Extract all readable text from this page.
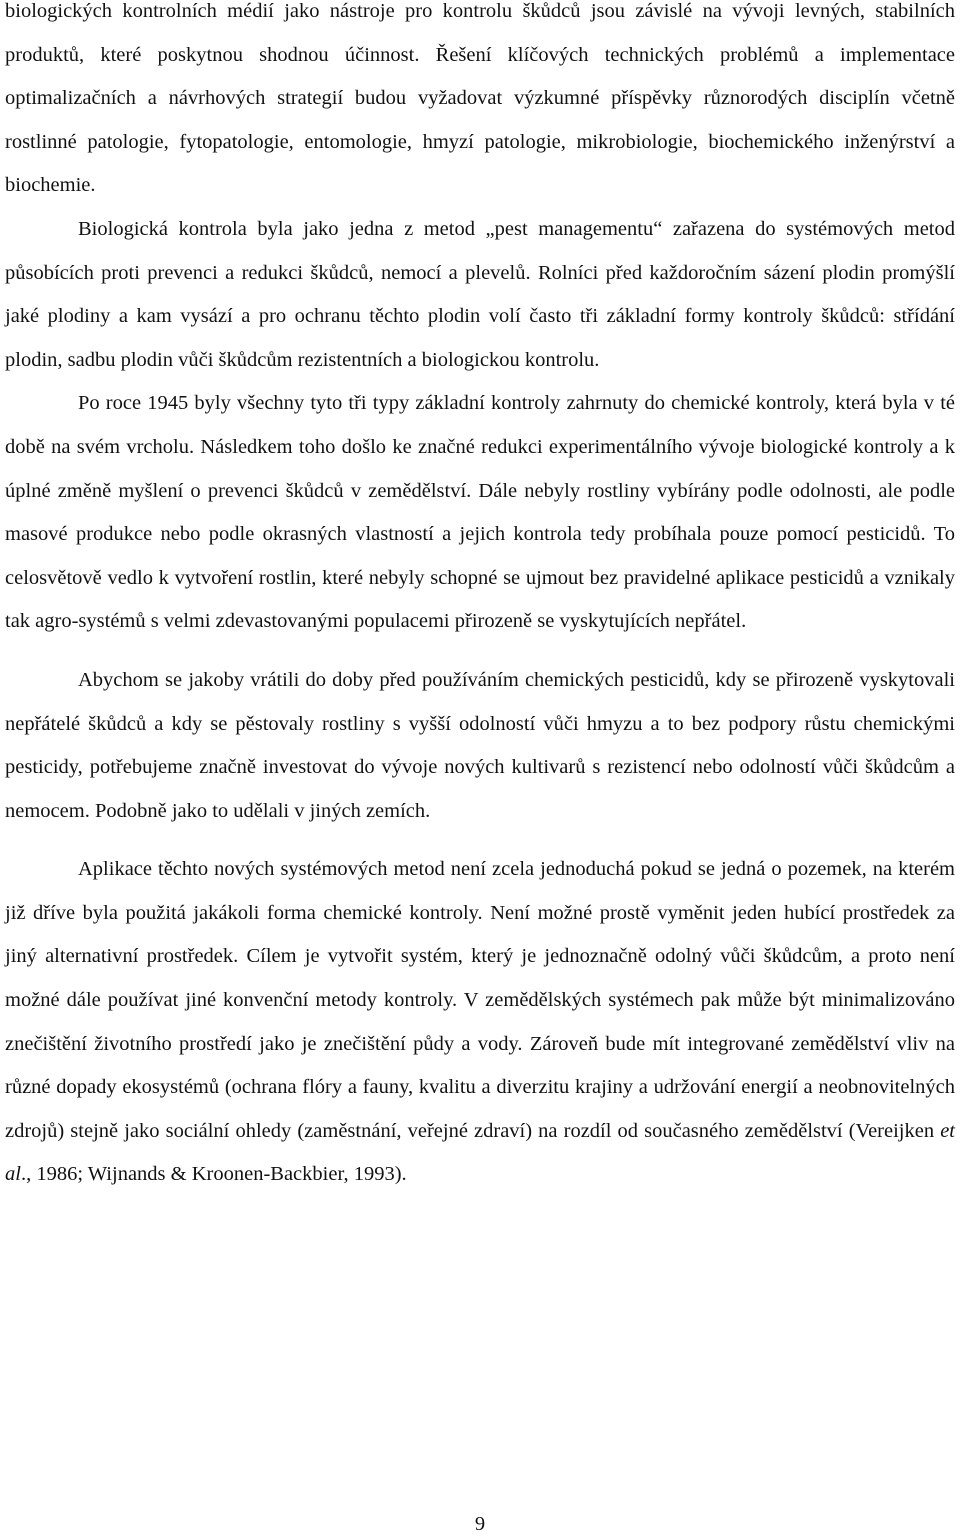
biologických kontrolních médií jako nástroje pro kontrolu škůdců jsou závislé na vývoji levných, stabilních produktů, které poskytnou shodnou účinnost. Řešení klíčových technických problémů a implementace optimalizačních a návrhových strategií budou vyžadovat výzkumné příspěvky různorodých disciplín včetně rostlinné patologie, fytopatologie, entomologie, hmyzí patologie, mikrobiologie, biochemického inženýrství a biochemie.

Biologická kontrola byla jako jedna z metod „pest managementu“ zařazena do systémových metod působících proti prevenci a redukci škůdců, nemocí a plevelů. Rolníci před každoročním sázení plodin promýšlí jaké plodiny a kam vysází a pro ochranu těchto plodin volí často tři základní formy kontroly škůdců: střídání plodin, sadbu plodin vůči škůdcům rezistentních a biologickou kontrolu.

Po roce 1945 byly všechny tyto tři typy základní kontroly zahrnuty do chemické kontroly, která byla v té době na svém vrcholu. Následkem toho došlo ke značné redukci experimentálního vývoje biologické kontroly a k úplné změně myšlení o prevenci škůdců v zemědělství. Dále nebyly rostliny vybírány podle odolnosti, ale podle masové produkce nebo podle okrasných vlastností a jejich kontrola tedy probíhala pouze pomocí pesticidů. To celosvětově vedlo k vytvoření rostlin, které nebyly schopné se ujmout bez pravidelné aplikace pesticidů a vznikaly tak agro-systémů s velmi zdevastovanými populacemi přirozeně se vyskytujících nepřátel.

Abychom se jakoby vrátili do doby před používáním chemických pesticidů, kdy se přirozeně vyskytovali nepřátelé škůdců a kdy se pěstovaly rostliny s vyšší odolností vůči hmyzu a to bez podpory růstu chemickými pesticidy, potřebujeme značně investovat do vývoje nových kultivarů s rezistencí nebo odolností vůči škůdcům a nemocem. Podobně jako to udělali v jiných zemích.

Aplikace těchto nových systémových metod není zcela jednoduchá pokud se jedná o pozemek, na kterém již dříve byla použitá jakákoli forma chemické kontroly. Není možné prostě vyměnit jeden hubící prostředek za jiný alternativní prostředek. Cílem je vytvořit systém, který je jednoznačně odolný vůči škůdcům, a proto není možné dále používat jiné konvenční metody kontroly. V zemědělských systémech pak může být minimalizováno znečištění životního prostředí jako je znečištění půdy a vody. Zároveň bude mít integrované zemědělství vliv na různé dopady ekosystémů (ochrana flóry a fauny, kvalitu a diverzitu krajiny a udržování energií a neobnovitelných zdrojů) stejně jako sociální ohledy (zaměstnání, veřejné zdraví) na rozdíl od současného zemědělství (Vereijken et al., 1986; Wijnands & Kroonen-Backbier, 1993).

9
